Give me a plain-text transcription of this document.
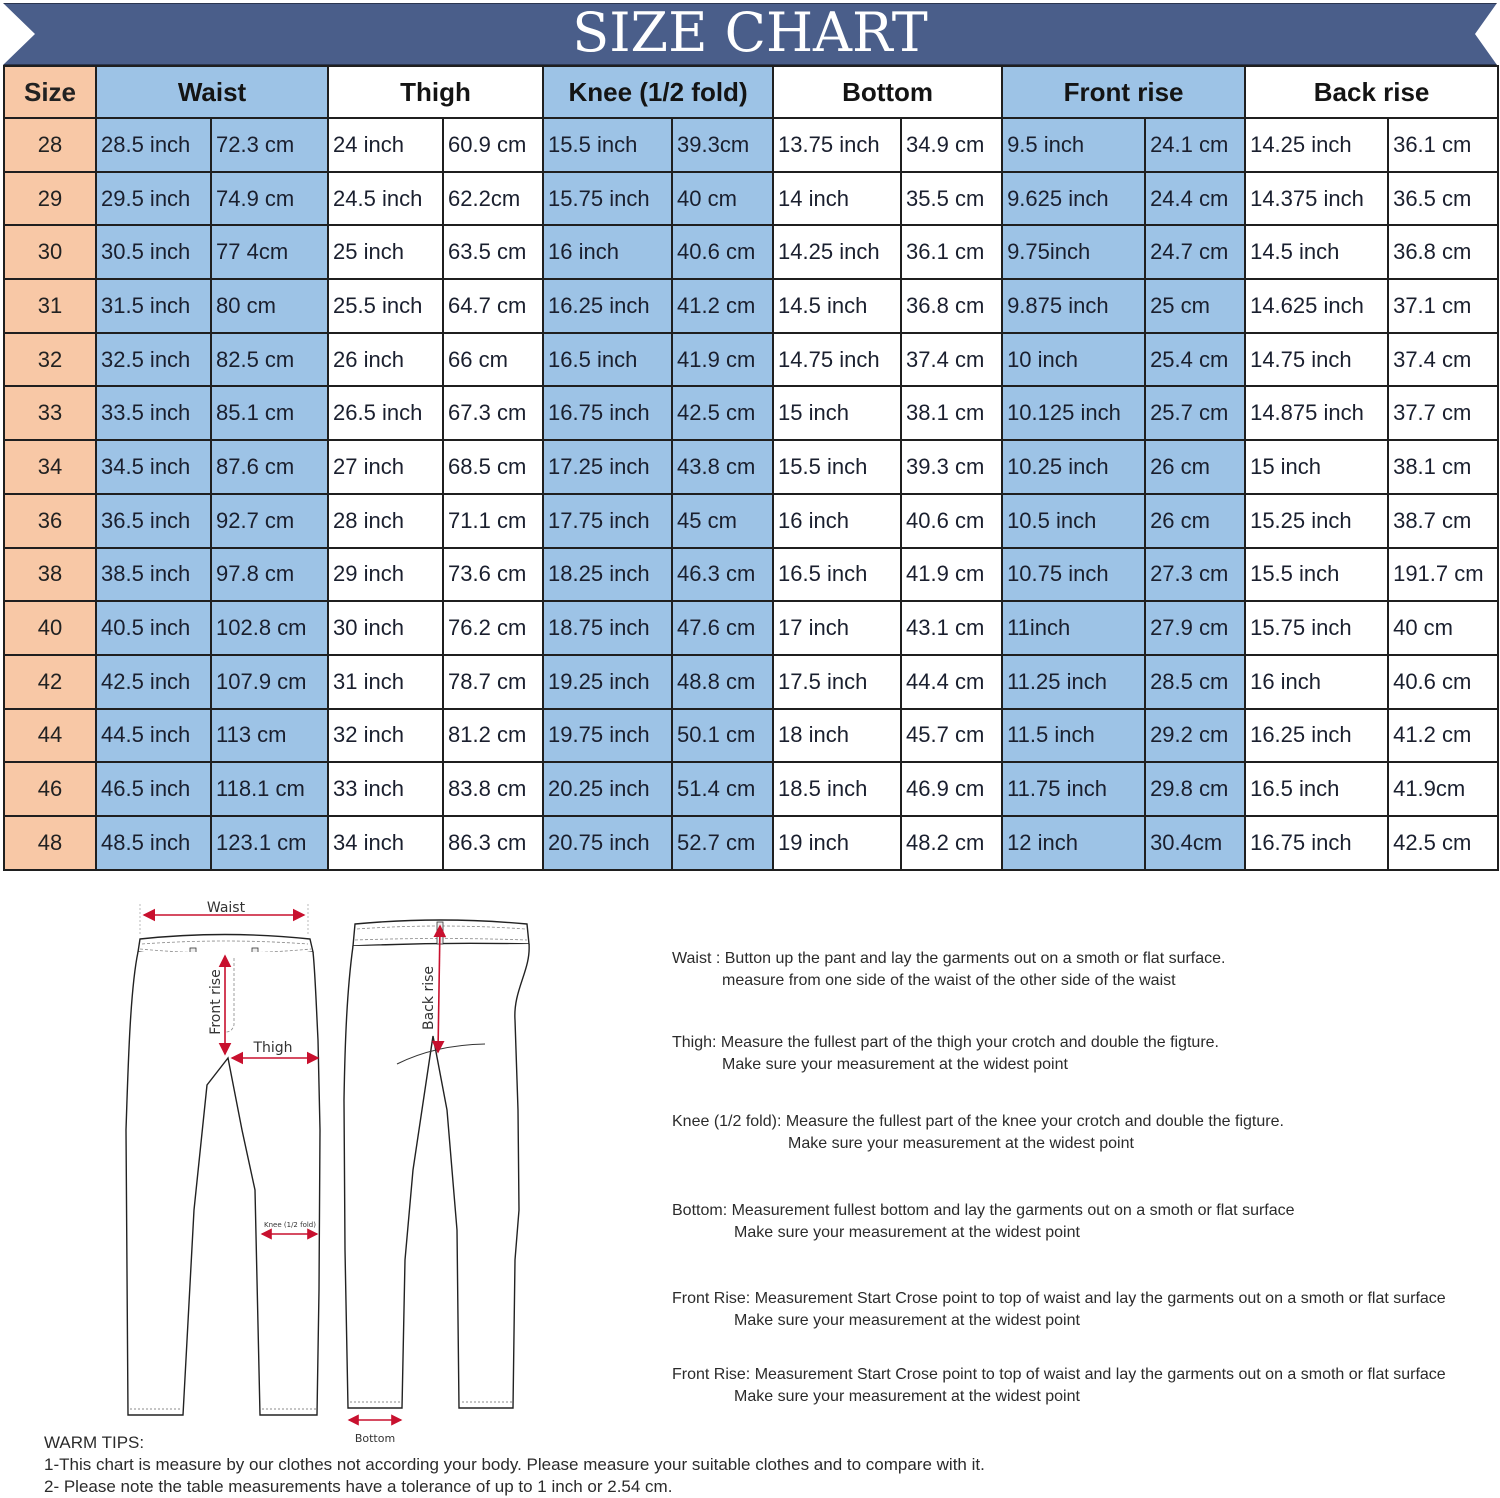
SIZE CHART
Size	Waist		Thigh		Knee (1/2 fold)		Bottom		Front rise		Back rise	
28	28.5 inch	72.3 cm	24 inch	60.9 cm	15.5 inch	39.3cm	13.75 inch	34.9 cm	9.5 inch	24.1 cm	14.25 inch	36.1 cm
29	29.5 inch	74.9 cm	24.5 inch	62.2cm	15.75 inch	40 cm	14 inch	35.5 cm	9.625 inch	24.4 cm	14.375 inch	36.5 cm
30	30.5 inch	77 4cm	25 inch	63.5 cm	16 inch	40.6 cm	14.25 inch	36.1 cm	9.75inch	24.7 cm	14.5 inch	36.8 cm
31	31.5 inch	80 cm	25.5 inch	64.7 cm	16.25 inch	41.2 cm	14.5 inch	36.8 cm	9.875 inch	25 cm	14.625 inch	37.1 cm
32	32.5 inch	82.5 cm	26 inch	66 cm	16.5 inch	41.9 cm	14.75 inch	37.4 cm	10 inch	25.4 cm	14.75 inch	37.4 cm
33	33.5 inch	85.1 cm	26.5 inch	67.3 cm	16.75 inch	42.5 cm	15 inch	38.1 cm	10.125 inch	25.7 cm	14.875 inch	37.7 cm
34	34.5 inch	87.6 cm	27 inch	68.5 cm	17.25 inch	43.8 cm	15.5 inch	39.3 cm	10.25 inch	26 cm	15 inch	38.1 cm
36	36.5 inch	92.7 cm	28 inch	71.1 cm	17.75 inch	45 cm	16 inch	40.6 cm	10.5 inch	26 cm	15.25 inch	38.7 cm
38	38.5 inch	97.8 cm	29 inch	73.6 cm	18.25 inch	46.3 cm	16.5 inch	41.9 cm	10.75 inch	27.3 cm	15.5 inch	191.7 cm
40	40.5 inch	102.8 cm	30 inch	76.2 cm	18.75 inch	47.6 cm	17 inch	43.1 cm	11inch	27.9 cm	15.75 inch	40 cm
42	42.5 inch	107.9 cm	31 inch	78.7 cm	19.25 inch	48.8 cm	17.5 inch	44.4 cm	11.25 inch	28.5 cm	16 inch	40.6 cm
44	44.5 inch	113 cm	32 inch	81.2 cm	19.75 inch	50.1 cm	18 inch	45.7 cm	11.5 inch	29.2 cm	16.25 inch	41.2 cm
46	46.5 inch	118.1 cm	33 inch	83.8 cm	20.25 inch	51.4 cm	18.5 inch	46.9 cm	11.75 inch	29.8 cm	16.5 inch	41.9cm
48	48.5 inch	123.1 cm	34 inch	86.3 cm	20.75 inch	52.7 cm	19 inch	48.2 cm	12 inch	30.4cm	16.75 inch	42.5 cm
Waist
Front rise
Thigh
Knee (1/2 fold)
Back rise
Bottom
Waist : Button up the pant and lay the garments out on a smoth or flat surface.
measure from one side of the waist of the other side of the waist
Thigh: Measure the fullest part of the thigh your crotch and double the figture.
Make sure your measurement at the widest point
Knee (1/2 fold): Measure the fullest part of the knee your crotch and double the figture.
Make sure your measurement at the widest point
Bottom: Measurement fullest bottom and lay the garments out on a smoth or flat surface
Make sure your measurement at the widest point
Front Rise: Measurement Start Crose point to top of waist and lay the garments out on a smoth or flat surface
Make sure your measurement at the widest point
Front Rise: Measurement Start Crose point to top of waist and lay the garments out on a smoth or flat surface
Make sure your measurement at the widest point
WARM TIPS:
1-This chart is measure by our clothes not according your body. Please measure your suitable clothes and to compare with it.
2- Please note the table measurements have a tolerance of up to 1 inch or 2.54 cm.
